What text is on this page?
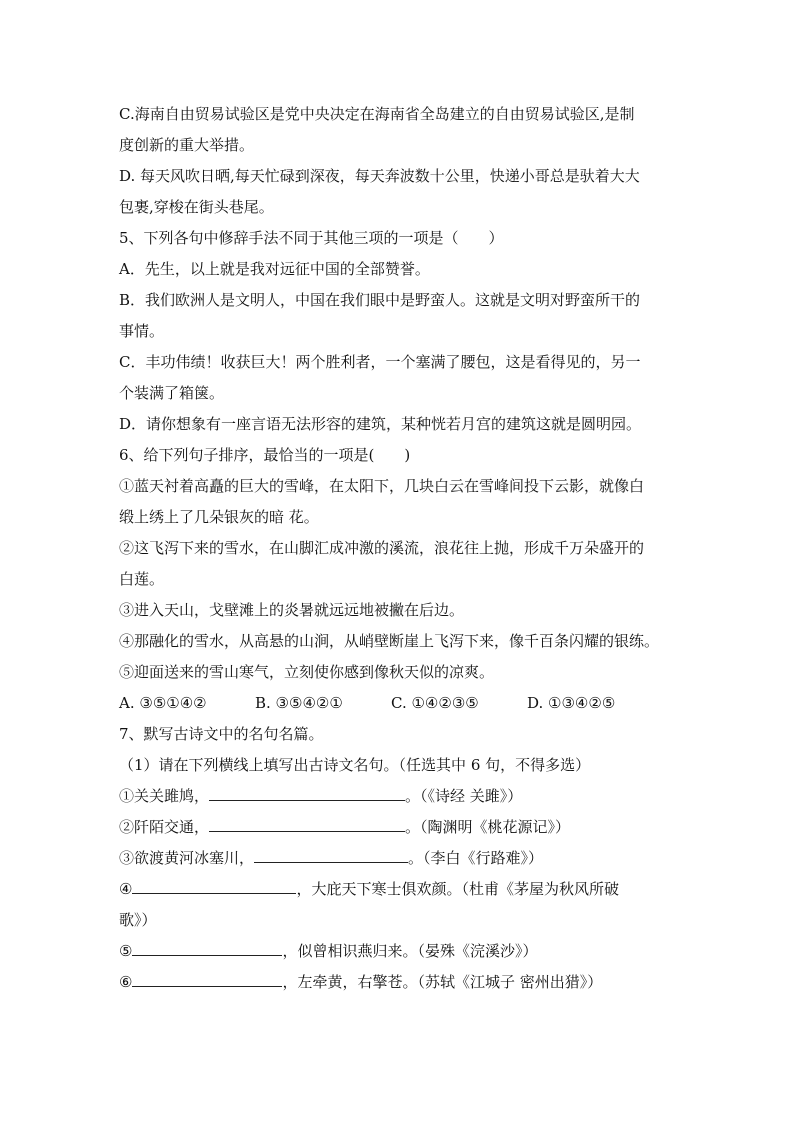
C.海南自由贸易试验区是党中央决定在海南省全岛建立的自由贸易试验区,是制
度创新的重大举措。
D. 每天风吹日晒,每天忙碌到深夜，每天奔波数十公里，快递小哥总是驮着大大
包裹,穿梭在街头巷尾。
5、下列各句中修辞手法不同于其他三项的一项是（　　）
A．先生，以上就是我对远征中国的全部赞誉。
B．我们欧洲人是文明人，中国在我们眼中是野蛮人。这就是文明对野蛮所干的
事情。
C．丰功伟绩！收获巨大！两个胜利者，一个塞满了腰包，这是看得见的，另一
个装满了箱箧。
D．请你想象有一座言语无法形容的建筑，某种恍若月宫的建筑这就是圆明园。
6、给下列句子排序，最恰当的一项是(　　)
①蓝天衬着高矗的巨大的雪峰，在太阳下，几块白云在雪峰间投下云影，就像白
缎上绣上了几朵银灰的暗 花。
②这飞泻下来的雪水，在山脚汇成冲激的溪流，浪花往上抛，形成千万朵盛开的
白莲。
③进入天山，戈壁滩上的炎暑就远远地被撇在后边。
④那融化的雪水，从高悬的山涧，从峭壁断崖上飞泻下来，像千百条闪耀的银练。
⑤迎面送来的雪山寒气，立刻使你感到像秋天似的凉爽。
A. ③⑤①④②	B. ③⑤④②①	C. ①④②③⑤	D. ①③④②⑤
7、默写古诗文中的名句名篇。
（1）请在下列横线上填写出古诗文名句。（任选其中 6 句，不得多选）
①关关雎鸠，	。（《诗经 关雎》）
②阡陌交通，	。（陶渊明《桃花源记》）
③欲渡黄河冰塞川，	。（李白《行路难》）
④	，大庇天下寒士俱欢颜。（杜甫《茅屋为秋风所破
歌》）
⑤	，似曾相识燕归来。（晏殊《浣溪沙》）
⑥	，左牵黄，右擎苍。（苏轼《江城子 密州出猎》）
